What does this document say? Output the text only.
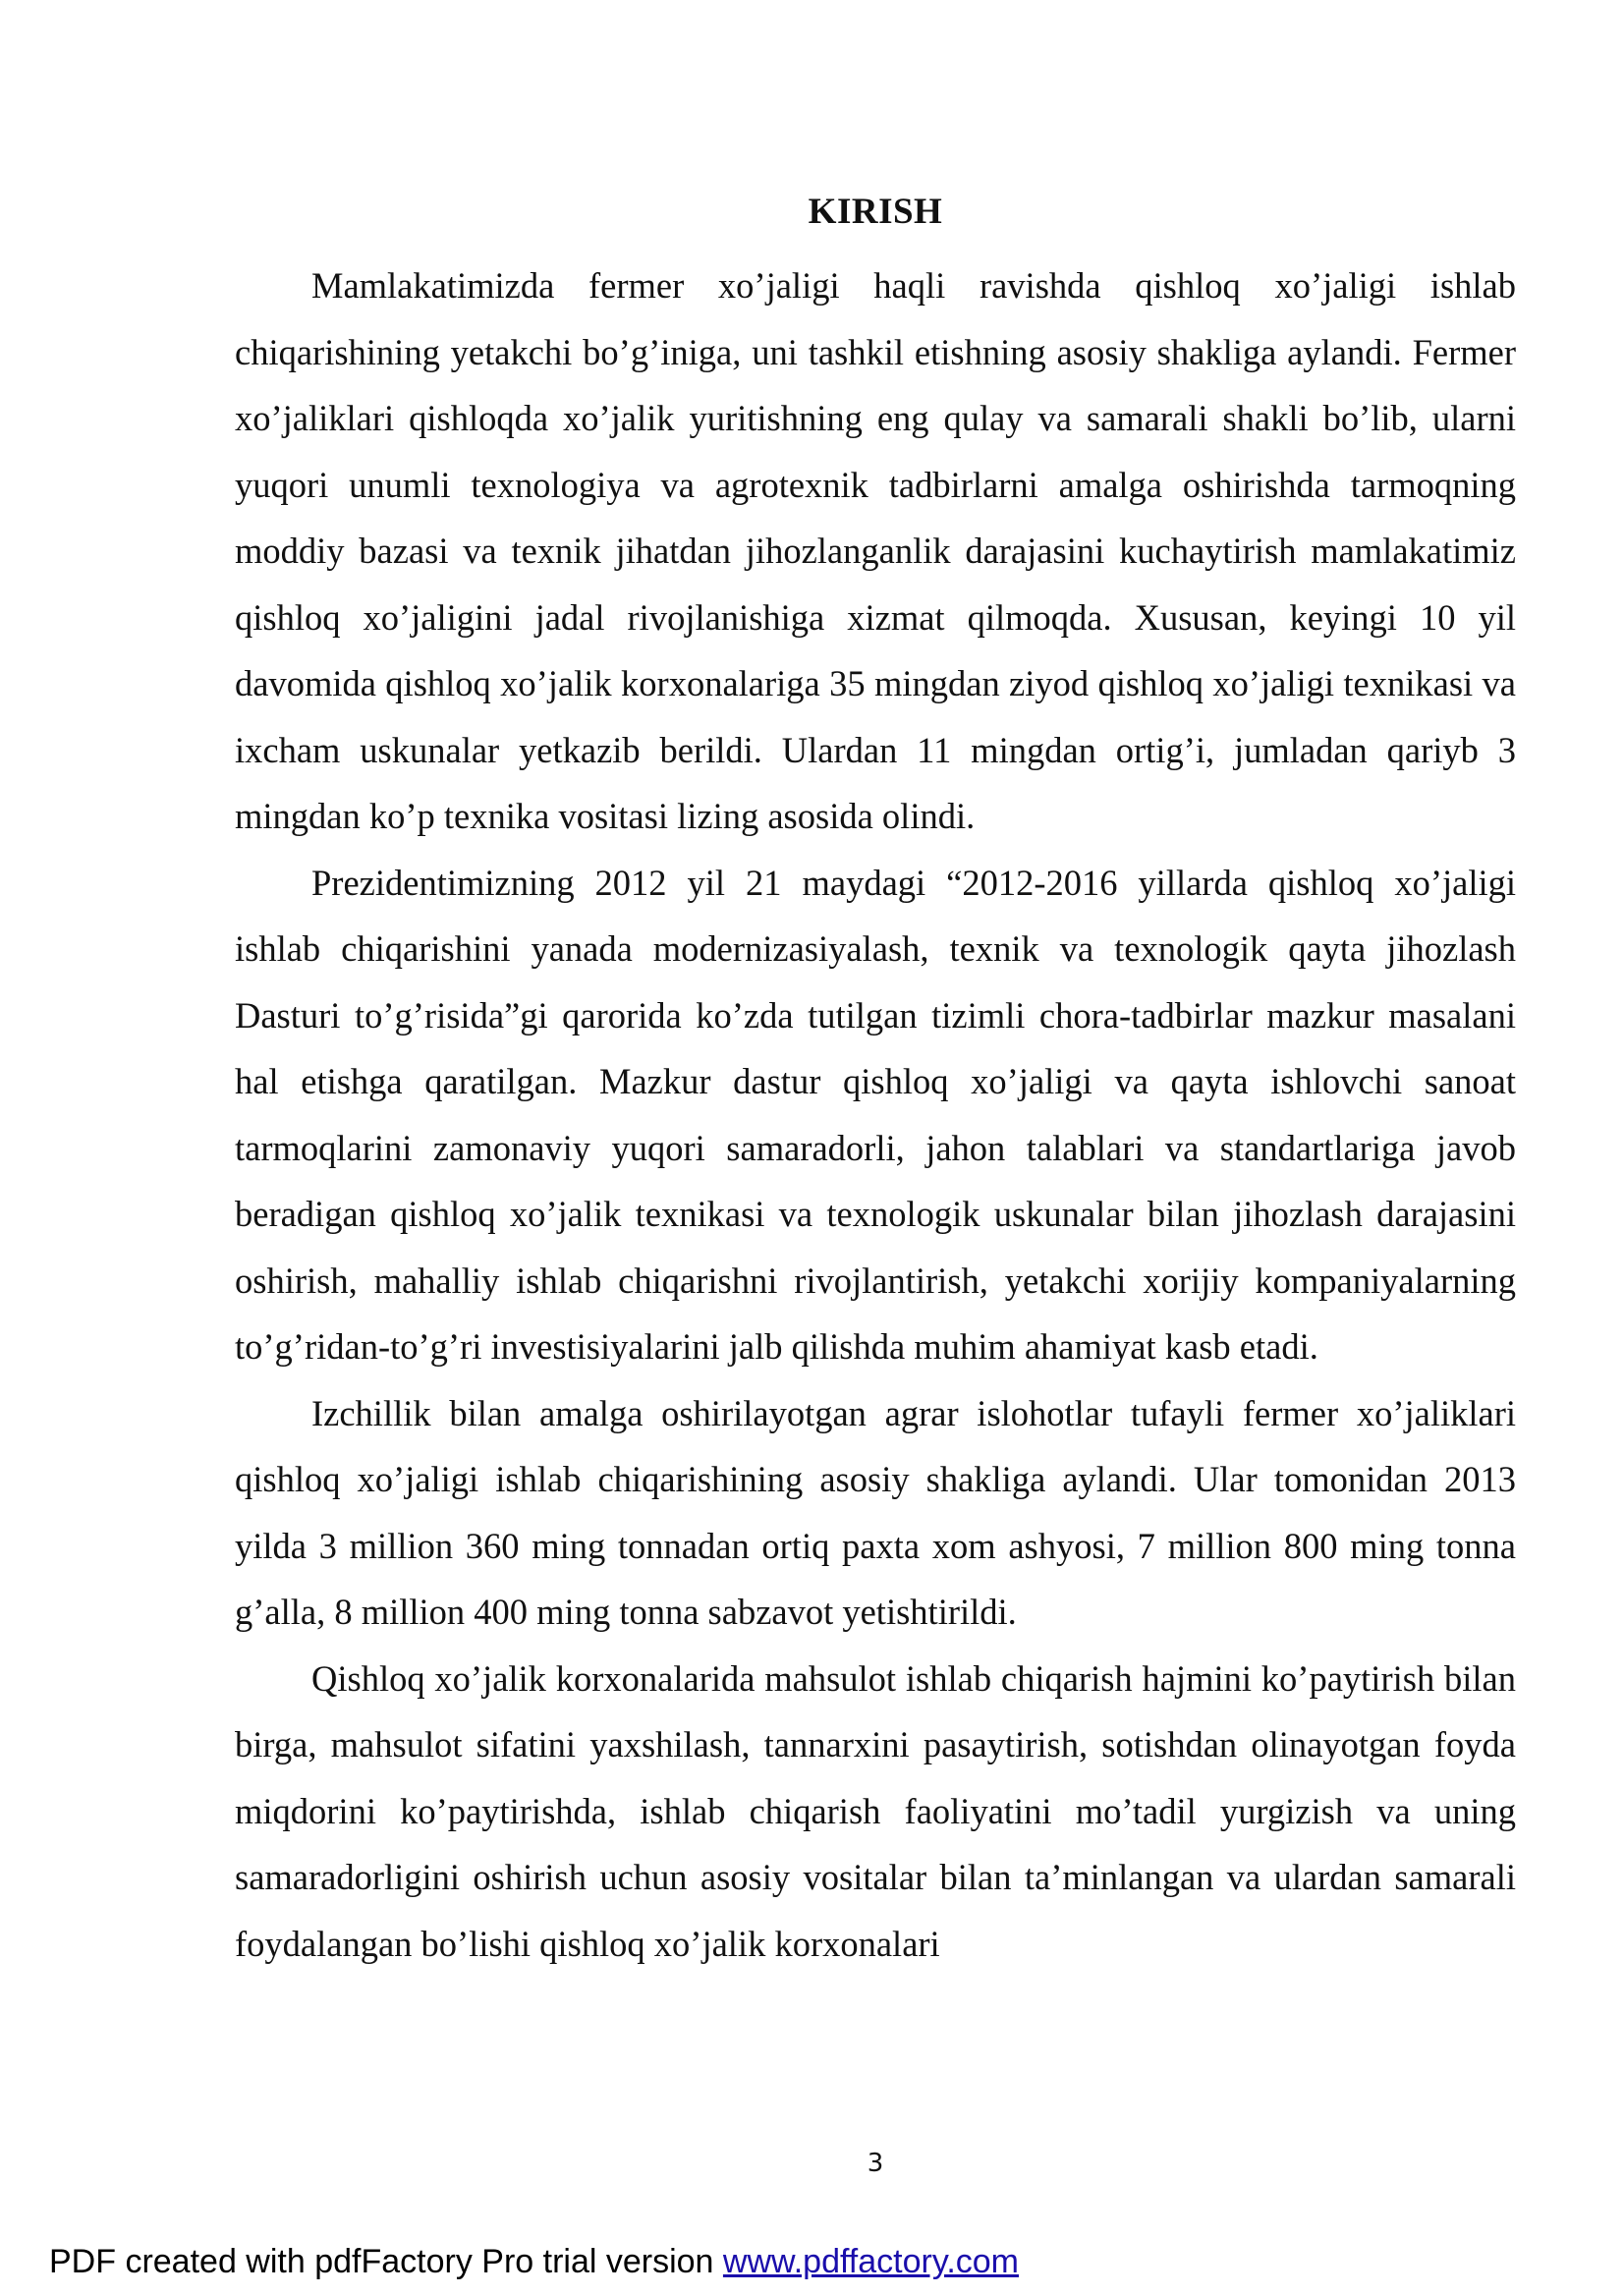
KIRISH

Mamlakatimizda fermer xo’jaligi haqli ravishda qishloq xo’jaligi ishlab chiqarishining yetakchi bo’g’iniga, uni tashkil etishning asosiy shakliga aylandi. Fermer xo’jaliklari qishloqda xo’jalik yuritishning eng qulay va samarali shakli bo’lib, ularni yuqori unumli texnologiya va agrotexnik tadbirlarni amalga oshirishda tarmoqning moddiy bazasi va texnik jihatdan jihozlanganlik darajasini kuchaytirish mamlakatimiz qishloq xo’jaligini jadal rivojlanishiga xizmat qilmoqda. Xususan, keyingi 10 yil davomida qishloq xo’jalik korxonalariga 35 mingdan ziyod qishloq xo’jaligi texnikasi va ixcham uskunalar yetkazib berildi. Ulardan 11 mingdan ortig’i, jumladan qariyb 3 mingdan ko’p texnika vositasi lizing asosida olindi.

Prezidentimizning 2012 yil 21 maydagi “2012-2016 yillarda qishloq xo’jaligi ishlab chiqarishini yanada modernizasiyalash, texnik va texnologik qayta jihozlash Dasturi to’g’risida”gi qarorida ko’zda tutilgan tizimli chora-tadbirlar mazkur masalani hal etishga qaratilgan. Mazkur dastur qishloq xo’jaligi va qayta ishlovchi sanoat tarmoqlarini zamonaviy yuqori samaradorli, jahon talablari va standartlariga javob beradigan qishloq xo’jalik texnikasi va texnologik uskunalar bilan jihozlash darajasini oshirish, mahalliy ishlab chiqarishni rivojlantirish, yetakchi xorijiy kompaniyalarning to’g’ridan-to’g’ri investisiyalarini jalb qilishda muhim ahamiyat kasb etadi.

Izchillik bilan amalga oshirilayotgan agrar islohotlar tufayli fermer xo’jaliklari qishloq xo’jaligi ishlab chiqarishining asosiy shakliga aylandi. Ular tomonidan 2013 yilda 3 million 360 ming tonnadan ortiq paxta xom ashyosi, 7 million 800 ming tonna g’alla, 8 million 400 ming tonna sabzavot yetishtirildi.

Qishloq xo’jalik korxonalarida mahsulot ishlab chiqarish hajmini ko’paytirish bilan birga, mahsulot sifatini yaxshilash, tannarxini pasaytirish, sotishdan olinayotgan foyda miqdorini ko’paytirishda, ishlab chiqarish faoliyatini mo’tadil yurgizish va uning samaradorligini oshirish uchun asosiy vositalar bilan ta’minlangan va ulardan samarali foydalangan bo’lishi qishloq xo’jalik korxonalari

3
PDF created with pdfFactory Pro trial version www.pdffactory.com
